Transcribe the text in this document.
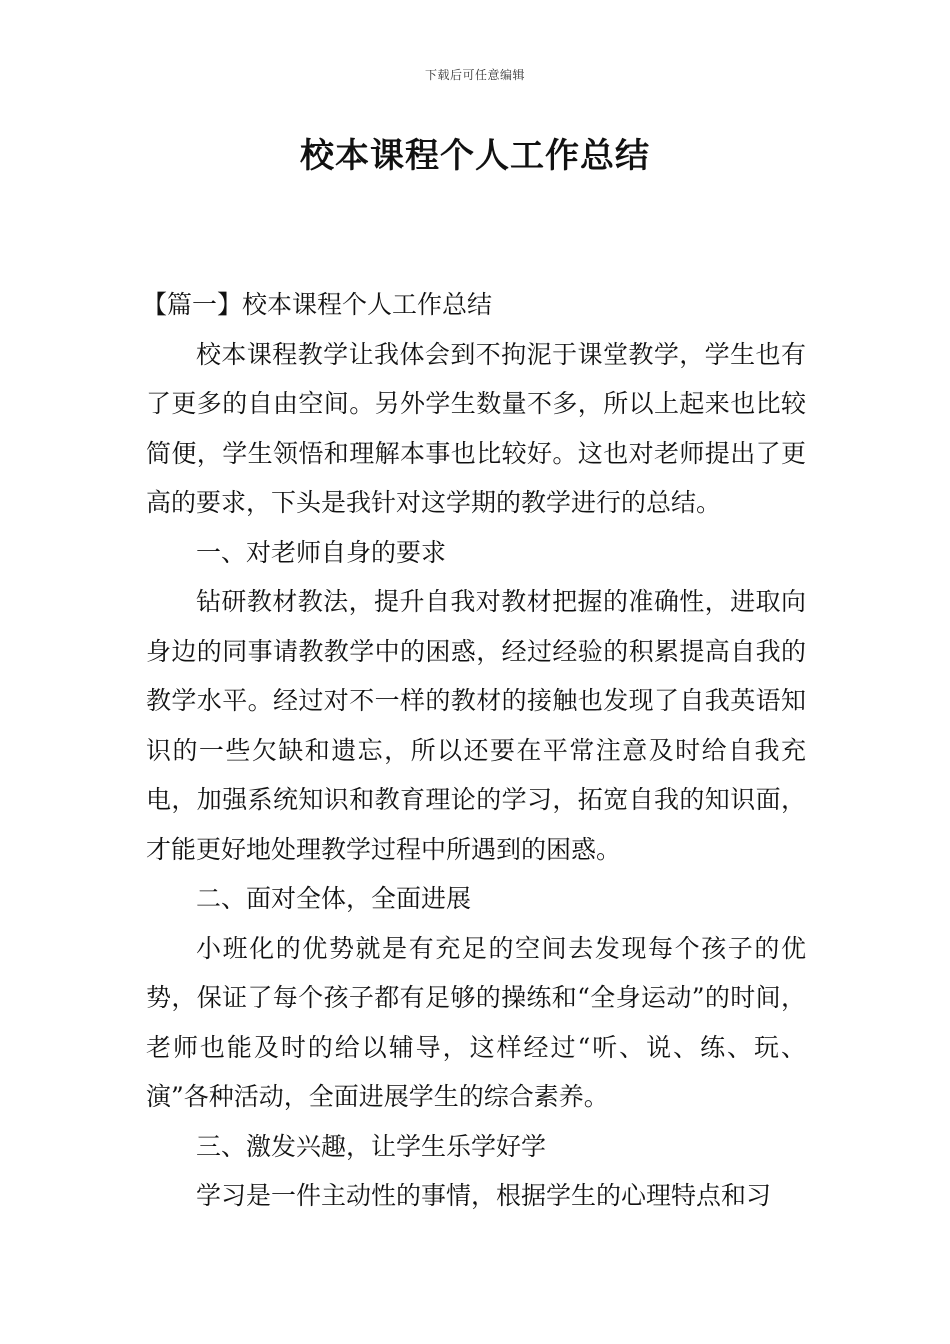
下载后可任意编辑
校本课程个人工作总结

【篇一】校本课程个人工作总结

校本课程教学让我体会到不拘泥于课堂教学，学生也有了更多的自由空间。另外学生数量不多，所以上起来也比较简便，学生领悟和理解本事也比较好。这也对老师提出了更高的要求，下头是我针对这学期的教学进行的总结。

一、对老师自身的要求

钻研教材教法，提升自我对教材把握的准确性，进取向身边的同事请教教学中的困惑，经过经验的积累提高自我的教学水平。经过对不一样的教材的接触也发现了自我英语知识的一些欠缺和遗忘，所以还要在平常注意及时给自我充电，加强系统知识和教育理论的学习，拓宽自我的知识面，才能更好地处理教学过程中所遇到的困惑。

二、面对全体，全面进展

小班化的优势就是有充足的空间去发现每个孩子的优势，保证了每个孩子都有足够的操练和“全身运动”的时间，老师也能及时的给以辅导，这样经过“听、说、练、玩、演”各种活动，全面进展学生的综合素养。

三、激发兴趣，让学生乐学好学

学习是一件主动性的事情，根据学生的心理特点和习
